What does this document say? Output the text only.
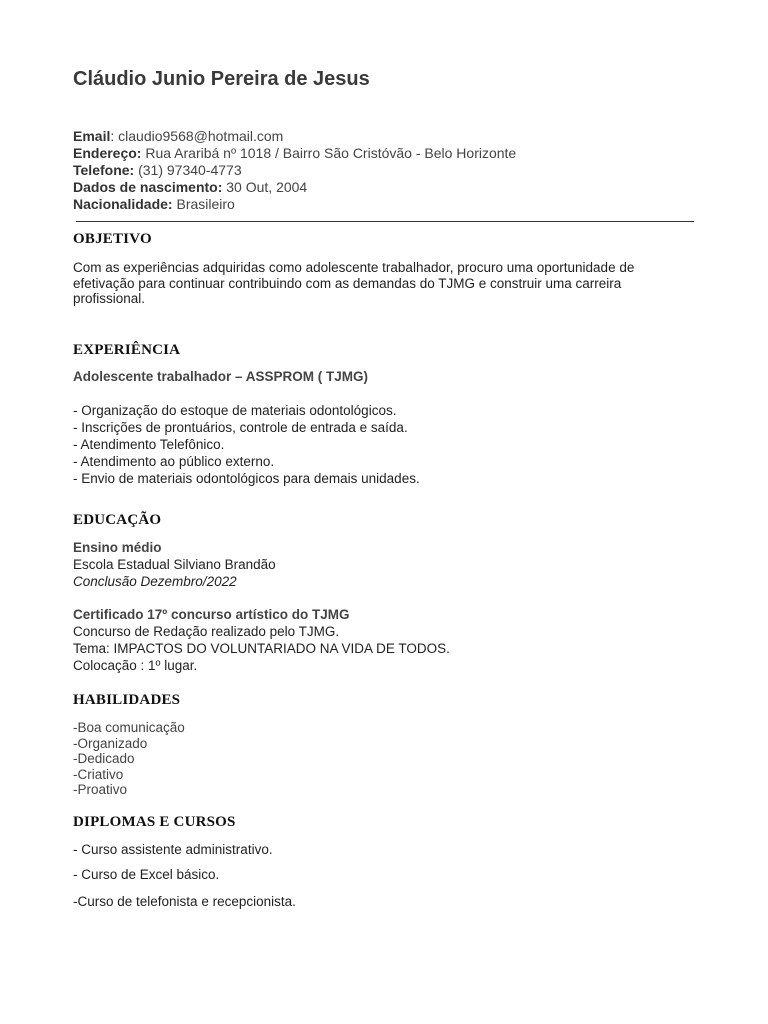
Cláudio Junio Pereira de Jesus
Email: claudio9568@hotmail.com
Endereço: Rua Araribá nº 1018 / Bairro São Cristóvão - Belo Horizonte
Telefone: (31) 97340-4773
Dados de nascimento: 30 Out, 2004
Nacionalidade: Brasileiro
OBJETIVO
Com as experiências adquiridas como adolescente trabalhador, procuro uma oportunidade de efetivação para continuar contribuindo com as demandas do TJMG e construir uma carreira profissional.
EXPERIÊNCIA
Adolescente trabalhador – ASSPROM ( TJMG)
- Organização do estoque de materiais odontológicos.
- Inscrições de prontuários, controle de entrada e saída.
- Atendimento Telefônico.
- Atendimento ao público externo.
- Envio de materiais odontológicos para demais unidades.
EDUCAÇÃO
Ensino médio
Escola Estadual Silviano Brandão
Conclusão Dezembro/2022
Certificado 17º concurso artístico do TJMG
Concurso de Redação realizado pelo TJMG.
Tema: IMPACTOS DO VOLUNTARIADO NA VIDA DE TODOS.
Colocação : 1º lugar.
HABILIDADES
-Boa comunicação
-Organizado
-Dedicado
-Criativo
-Proativo
DIPLOMAS E CURSOS
- Curso assistente administrativo.
- Curso de Excel básico.
-Curso de telefonista e recepcionista.
